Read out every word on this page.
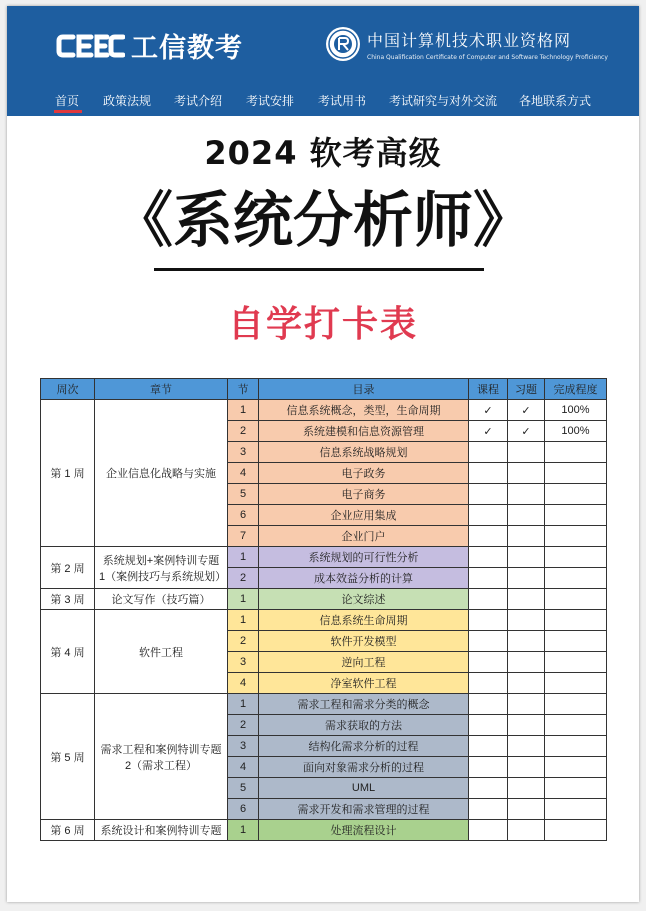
工信教考	中国计算机技术职业资格网
China Qualification Certificate of Computer and Software Technology Proficiency
首页 政策法规 考试介绍 考试安排 考试用书 考试研究与对外交流 各地联系方式
2024 软考高级
《系统分析师》
自学打卡表
周次	章节	节	目录	课程	习题	完成程度
第 1 周	企业信息化战略与实施	1	信息系统概念，类型，生命周期	✓	✓	100%
		2	系统建模和信息资源管理	✓	✓	100%
		3	信息系统战略规划			
		4	电子政务			
		5	电子商务			
		6	企业应用集成			
		7	企业门户			
第 2 周	系统规划+案例特训专题 1（案例技巧与系统规划）	1	系统规划的可行性分析			
		2	成本效益分析的计算			
第 3 周	论文写作（技巧篇）	1	论文综述			
第 4 周	软件工程	1	信息系统生命周期			
		2	软件开发模型			
		3	逆向工程			
		4	净室软件工程			
第 5 周	需求工程和案例特训专题 2（需求工程）	1	需求工程和需求分类的概念			
		2	需求获取的方法			
		3	结构化需求分析的过程			
		4	面向对象需求分析的过程			
		5	UML			
		6	需求开发和需求管理的过程			
第 6 周	系统设计和案例特训专题	1	处理流程设计			
